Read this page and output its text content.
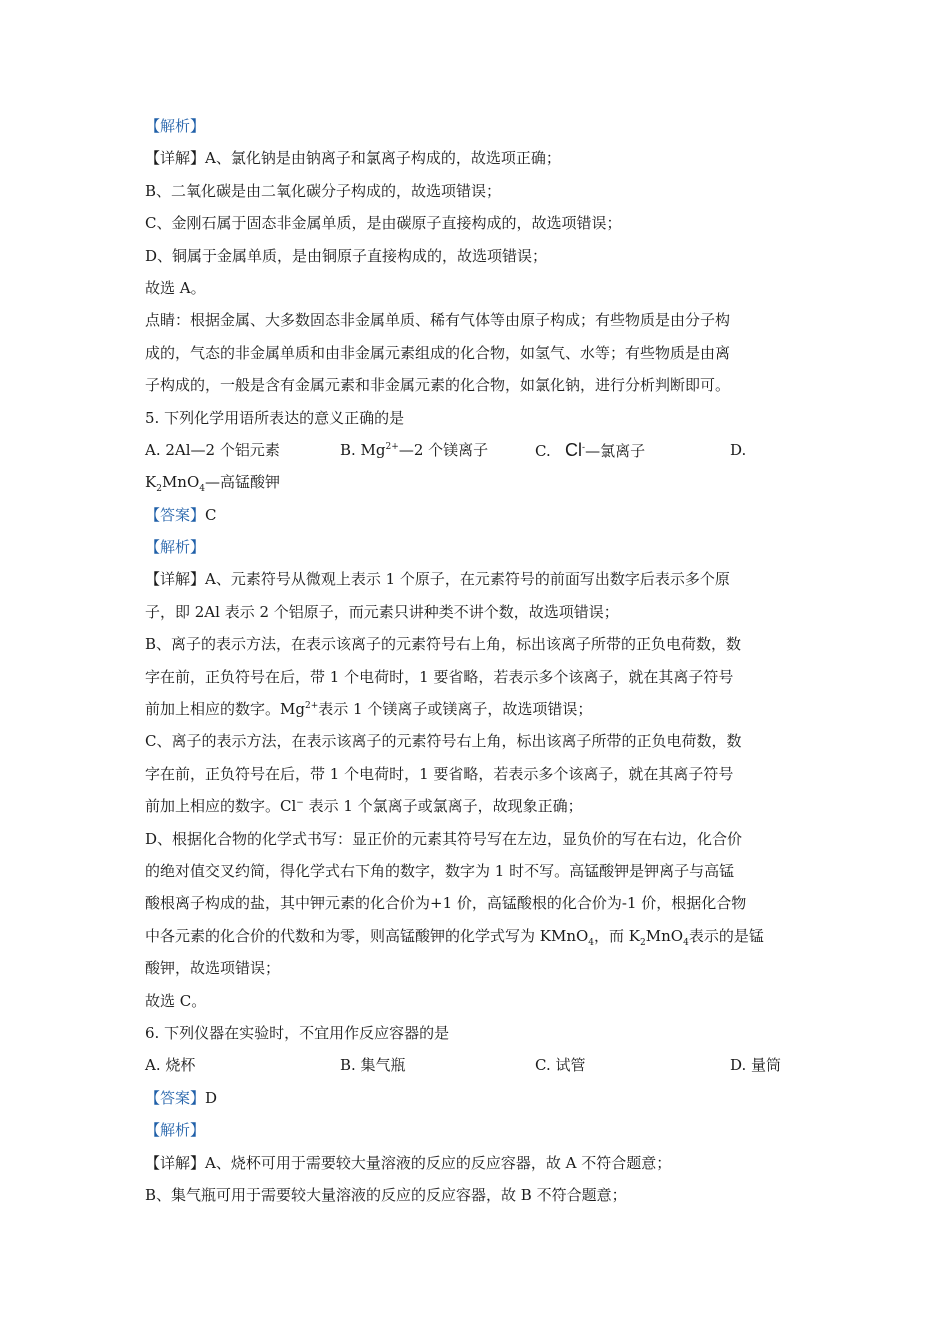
【解析】
【详解】A、氯化钠是由钠离子和氯离子构成的，故选项正确；
B、二氧化碳是由二氧化碳分子构成的，故选项错误；
C、金刚石属于固态非金属单质，是由碳原子直接构成的，故选项错误；
D、铜属于金属单质，是由铜原子直接构成的，故选项错误；
故选 A。
点睛：根据金属、大多数固态非金属单质、稀有气体等由原子构成；有些物质是由分子构
成的，气态的非金属单质和由非金属元素组成的化合物，如氢气、水等；有些物质是由离
子构成的，一般是含有金属元素和非金属元素的化合物，如氯化钠，进行分析判断即可。
5. 下列化学用语所表达的意义正确的是
A. 2Al—2 个铝元素	B. $Mg^{2+}—2$ 个镁离子	C. Cl-—氯离子	D.
$K_2MnO_4—$高锰酸钾
【答案】C
【解析】
【详解】A、元素符号从微观上表示 1 个原子，在元素符号的前面写出数字后表示多个原
子，即 2Al 表示 2 个铝原子，而元素只讲种类不讲个数，故选项错误；
B、离子的表示方法，在表示该离子的元素符号右上角，标出该离子所带的正负电荷数，数
字在前，正负符号在后，带 1 个电荷时，1 要省略，若表示多个该离子，就在其离子符号
前加上相应的数字。$Mg^{2+}$表示 1 个镁离子或镁离子，故选项错误；
C、离子的表示方法，在表示该离子的元素符号右上角，标出该离子所带的正负电荷数，数
字在前，正负符号在后，带 1 个电荷时，1 要省略，若表示多个该离子，就在其离子符号
前加上相应的数字。Cl− 表示 1 个氯离子或氯离子，故现象正确；
D、根据化合物的化学式书写：显正价的元素其符号写在左边，显负价的写在右边，化合价
的绝对值交叉约简，得化学式右下角的数字，数字为 1 时不写。高锰酸钾是钾离子与高锰
酸根离子构成的盐，其中钾元素的化合价为+1 价，高锰酸根的化合价为-1 价，根据化合物
中各元素的化合价的代数和为零，则高锰酸钾的化学式写为 KMnO$_4$，而 $K_2MnO_4$表示的是锰
酸钾，故选项错误；
故选 C。
6. 下列仪器在实验时，不宜用作反应容器的是
A. 烧杯	B. 集气瓶	C. 试管	D. 量筒
【答案】D
【解析】
【详解】A、烧杯可用于需要较大量溶液的反应的反应容器，故 A 不符合题意；
B、集气瓶可用于需要较大量溶液的反应的反应容器，故 B 不符合题意；
